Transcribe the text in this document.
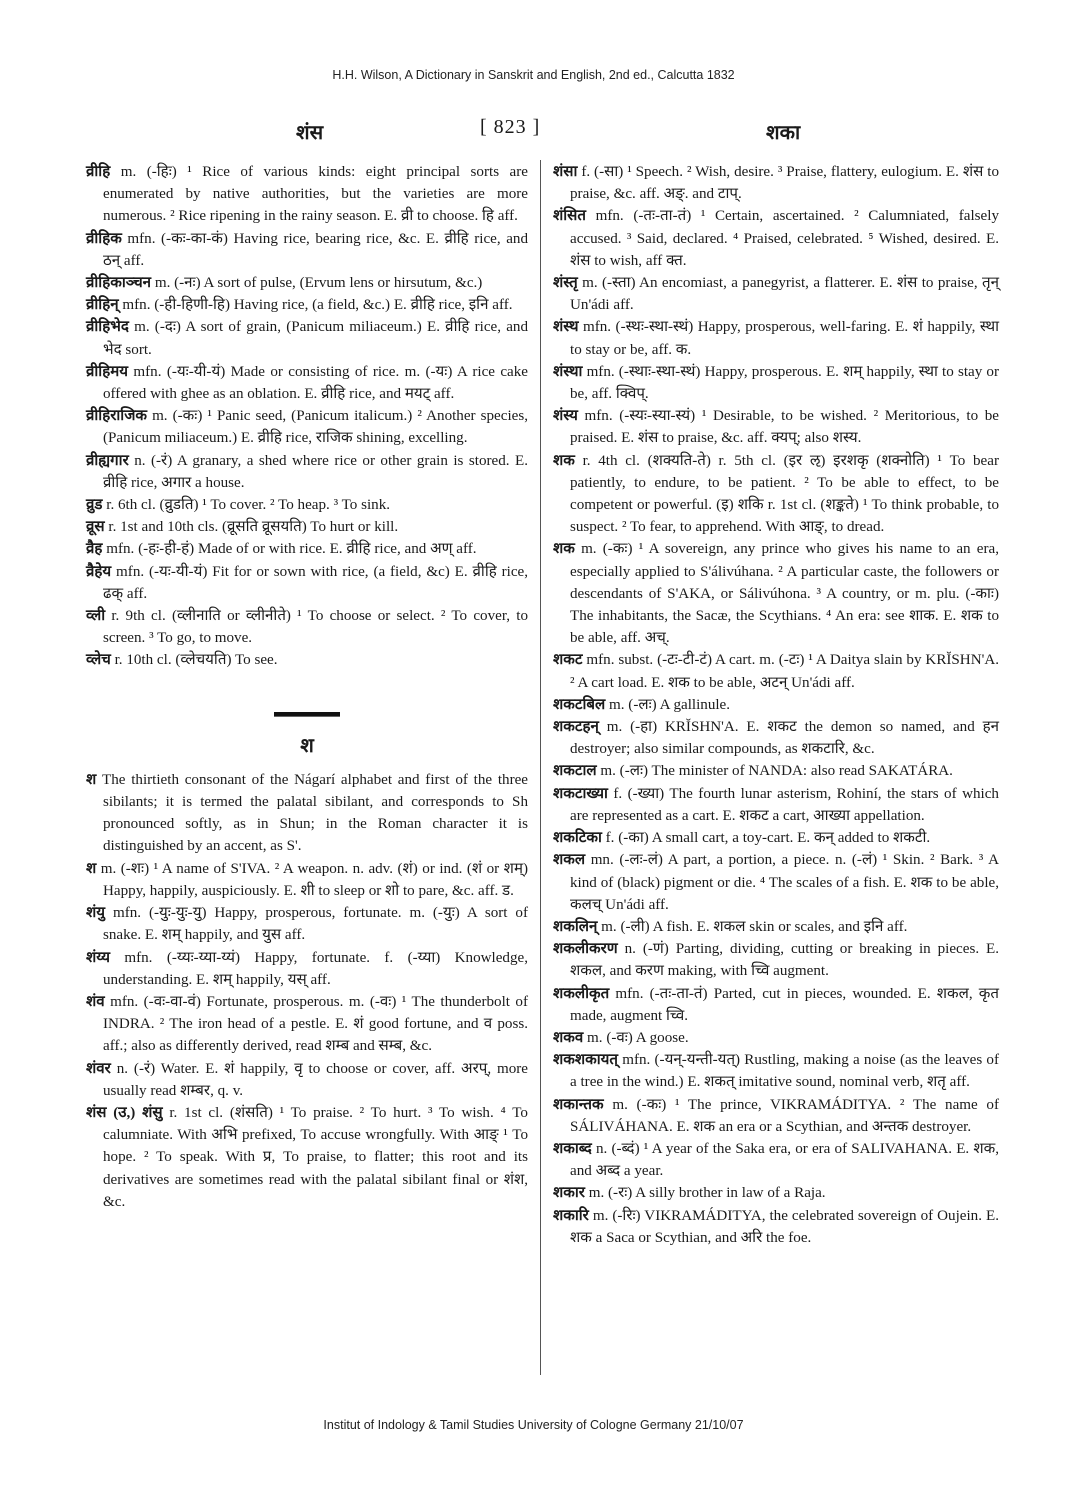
H.H. Wilson, A Dictionary in Sanskrit and English, 2nd ed., Calcutta 1832
शंस	[ 823 ]	शका

व्रीहि m. (-हिः) ¹ Rice of various kinds: eight principal sorts are enumerated by native authorities, but the varieties are more numerous. ² Rice ripening in the rainy season. E. व्री to choose. हि aff.

व्रीहिक mfn. (-कः-का-कं) Having rice, bearing rice, &c. E. व्रीहि rice, and ठन् aff.

व्रीहिकाञ्चन m. (-नः) A sort of pulse, (Ervum lens or hirsutum, &c.)

व्रीहिन् mfn. (-ही-हिणी-हि) Having rice, (a field, &c.) E. व्रीहि rice, इनि aff.

व्रीहिभेद m. (-दः) A sort of grain, (Panicum miliaceum.) E. व्रीहि rice, and भेद sort.

व्रीहिमय mfn. (-यः-यी-यं) Made or consisting of rice. m. (-यः) A rice cake offered with ghee as an oblation. E. व्रीहि rice, and मयट् aff.

व्रीहिराजिक m. (-कः) ¹ Panic seed, (Panicum italicum.) ² Another species, (Panicum miliaceum.) E. व्रीहि rice, राजिक shining, excelling.

व्रीह्यगार n. (-रं) A granary, a shed where rice or other grain is stored. E. व्रीहि rice, अगार a house.

व्रुड r. 6th cl. (व्रुडति) ¹ To cover. ² To heap. ³ To sink.

व्रूस r. 1st and 10th cls. (व्रूसति व्रूसयति) To hurt or kill.

व्रैह mfn. (-हः-ही-हं) Made of or with rice. E. व्रीहि rice, and अण् aff.

व्रैहेय mfn. (-यः-यी-यं) Fit for or sown with rice, (a field, &c) E. व्रीहि rice, ढक् aff.

व्ली r. 9th cl. (व्लीनाति or व्लीनीते) ¹ To choose or select. ² To cover, to screen. ³ To go, to move.

व्लेच r. 10th cl. (व्लेचयति) To see.

श

श The thirtieth consonant of the Nágarí alphabet and first of the three sibilants; it is termed the palatal sibilant, and corresponds to Sh pronounced softly, as in Shun; in the Roman character it is distinguished by an accent, as S'.

श m. (-शः) ¹ A name of S'IVA. ² A weapon. n. adv. (शं) or ind. (शं or शम्) Happy, happily, auspiciously. E. शी to sleep or शो to pare, &c. aff. ड.

शंयु mfn. (-युः-युः-यु) Happy, prosperous, fortunate. m. (-युः) A sort of snake. E. शम् happily, and युस aff.

शंय्य mfn. (-य्यः-य्या-य्यं) Happy, fortunate. f. (-य्या) Knowledge, understanding. E. शम् happily, यस् aff.

शंव mfn. (-वः-वा-वं) Fortunate, prosperous. m. (-वः) ¹ The thunderbolt of INDRA. ² The iron head of a pestle. E. शं good fortune, and व poss. aff.; also as differently derived, read शम्ब and सम्ब, &c.

शंवर n. (-रं) Water. E. शं happily, वृ to choose or cover, aff. अरप्, more usually read शम्बर, q. v.

शंस (उ,) शंसु r. 1st cl. (शंसति) ¹ To praise. ² To hurt. ³ To wish. ⁴ To calumniate. With अभि prefixed, To accuse wrongfully. With आङ् ¹ To hope. ² To speak. With प्र, To praise, to flatter; this root and its derivatives are sometimes read with the palatal sibilant final or शंश, &c.

शंसा f. (-सा) ¹ Speech. ² Wish, desire. ³ Praise, flattery, eulogium. E. शंस to praise, &c. aff. अङ्. and टाप्.

शंसित mfn. (-तः-ता-तं) ¹ Certain, ascertained. ² Calumniated, falsely accused. ³ Said, declared. ⁴ Praised, celebrated. ⁵ Wished, desired. E. शंस to wish, aff क्त.

शंस्तृ m. (-स्ता) An encomiast, a panegyrist, a flatterer. E. शंस to praise, तृन् Un'ádi aff.

शंस्थ mfn. (-स्थः-स्था-स्थं) Happy, prosperous, well-faring. E. शं happily, स्था to stay or be, aff. क.

शंस्था mfn. (-स्थाः-स्था-स्थं) Happy, prosperous. E. शम् happily, स्था to stay or be, aff. क्विप्.

शंस्य mfn. (-स्यः-स्या-स्यं) ¹ Desirable, to be wished. ² Meritorious, to be praised. E. शंस to praise, &c. aff. क्यप्; also शस्य.

शक r. 4th cl. (शक्यति-ते) r. 5th cl. (इर ऌ) इरशकृ (शक्नोति) ¹ To bear patiently, to endure, to be patient. ² To be able to effect, to be competent or powerful. (इ) शकि r. 1st cl. (शङ्कते) ¹ To think probable, to suspect. ² To fear, to apprehend. With आङ्, to dread.

शक m. (-कः) ¹ A sovereign, any prince who gives his name to an era, especially applied to S'álivúhana. ² A particular caste, the followers or descendants of S'AKA, or Sálivúhona. ³ A country, or m. plu. (-काः) The inhabitants, the Sacæ, the Scythians. ⁴ An era: see शाक. E. शक to be able, aff. अच्.

शकट mfn. subst. (-टः-टी-टं) A cart. m. (-टः) ¹ A Daitya slain by KRĬSHN'A. ² A cart load. E. शक to be able, अटन् Un'ádi aff.

शकटबिल m. (-लः) A gallinule.

शकटहन् m. (-हा) KRĬSHN'A. E. शकट the demon so named, and हन destroyer; also similar compounds, as शकटारि, &c.

शकटाल m. (-लः) The minister of NANDA: also read SAKATÁRA.

शकटाख्या f. (-ख्या) The fourth lunar asterism, Rohiní, the stars of which are represented as a cart. E. शकट a cart, आख्या appellation.

शकटिका f. (-का) A small cart, a toy-cart. E. कन् added to शकटी.

शकल mn. (-लः-लं) A part, a portion, a piece. n. (-लं) ¹ Skin. ² Bark. ³ A kind of (black) pigment or die. ⁴ The scales of a fish. E. शक to be able, कलच् Un'ádi aff.

शकलिन् m. (-ली) A fish. E. शकल skin or scales, and इनि aff.

शकलीकरण n. (-णं) Parting, dividing, cutting or breaking in pieces. E. शकल, and करण making, with च्वि augment.

शकलीकृत mfn. (-तः-ता-तं) Parted, cut in pieces, wounded. E. शकल, कृत made, augment च्वि.

शकव m. (-वः) A goose.

शकशकायत् mfn. (-यन्-यन्ती-यत्) Rustling, making a noise (as the leaves of a tree in the wind.) E. शकत् imitative sound, nominal verb, शतृ aff.

शकान्तक m. (-कः) ¹ The prince, VIKRAMÁDITYA. ² The name of SÁLIVÁHANA. E. शक an era or a Scythian, and अन्तक destroyer.

शकाब्द n. (-ब्दं) ¹ A year of the Saka era, or era of SALIVAHANA. E. शक, and अब्द a year.

शकार m. (-रः) A silly brother in law of a Raja.

शकारि m. (-रिः) VIKRAMÁDITYA, the celebrated sovereign of Oujein. E. शक a Saca or Scythian, and अरि the foe.

Institut of Indology & Tamil Studies University of Cologne Germany 21/10/07
